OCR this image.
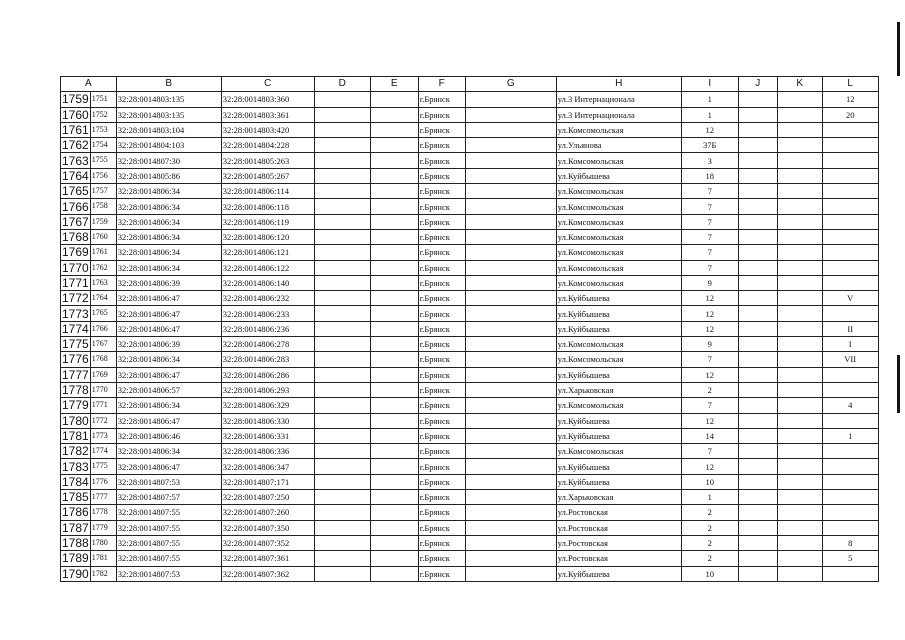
A		B	C	D	E	F	G	H	I	J	K	L
1759	1751	32:28:0014803:135	32:28:0014803:360			г.Брянск		ул.3 Интернационала	1			12
1760	1752	32:28:0014803:135	32:28:0014803:361			г.Брянск		ул.3 Интернационала	1			20
1761	1753	32:28:0014803:104	32:28:0014803:420			г.Брянск		ул.Комсомольская	12			
1762	1754	32:28:0014804:103	32:28:0014804:228			г.Брянск		ул.Ульянова	37Б			
1763	1755	32:28:0014807:30	32:28:0014805:263			г.Брянск		ул.Комсомольская	3			
1764	1756	32:28:0014805:86	32:28:0014805:267			г.Брянск		ул.Куйбышева	18			
1765	1757	32:28:0014806:34	32:28:0014806:114			г.Брянск		ул.Комсомольская	7			
1766	1758	32:28:0014806:34	32:28:0014806:118			г.Брянск		ул.Комсомольская	7			
1767	1759	32:28:0014806:34	32:28:0014806:119			г.Брянск		ул.Комсомольская	7			
1768	1760	32:28:0014806:34	32:28:0014806:120			г.Брянск		ул.Комсомольская	7			
1769	1761	32:28:0014806:34	32:28:0014806:121			г.Брянск		ул.Комсомольская	7			
1770	1762	32:28:0014806:34	32:28:0014806:122			г.Брянск		ул.Комсомольская	7			
1771	1763	32:28:0014806:39	32:28:0014806:140			г.Брянск		ул.Комсомольская	9			
1772	1764	32:28:0014806:47	32:28:0014806:232			г.Брянск		ул.Куйбышева	12			V
1773	1765	32:28:0014806:47	32:28:0014806:233			г.Брянск		ул.Куйбышева	12			
1774	1766	32:28:0014806:47	32:28:0014806:236			г.Брянск		ул.Куйбышева	12			II
1775	1767	32:28:0014806:39	32:28:0014806:278			г.Брянск		ул.Комсомольская	9			I
1776	1768	32:28:0014806:34	32:28:0014806:283			г.Брянск		ул.Комсомольская	7			VII
1777	1769	32:28:0014806:47	32:28:0014806:286			г.Брянск		ул.Куйбышева	12			
1778	1770	32:28:0014806:57	32:28:0014806:293			г.Брянск		ул.Харьковская	2			
1779	1771	32:28:0014806:34	32:28:0014806:329			г.Брянск		ул.Комсомольская	7			4
1780	1772	32:28:0014806:47	32:28:0014806:330			г.Брянск		ул.Куйбышева	12			
1781	1773	32:28:0014806:46	32:28:0014806:331			г.Брянск		ул.Куйбышева	14			1
1782	1774	32:28:0014806:34	32:28:0014806:336			г.Брянск		ул.Комсомольская	7			
1783	1775	32:28:0014806:47	32:28:0014806:347			г.Брянск		ул.Куйбышева	12			
1784	1776	32:28:0014807:53	32:28:0014807:171			г.Брянск		ул.Куйбышева	10			
1785	1777	32:28:0014807:57	32:28:0014807:250			г.Брянск		ул.Харьковская	1			
1786	1778	32:28:0014807:55	32:28:0014807:260			г.Брянск		ул.Ростовская	2			
1787	1779	32:28:0014807:55	32:28:0014807:350			г.Брянск		ул.Ростовская	2			
1788	1780	32:28:0014807:55	32:28:0014807:352			г.Брянск		ул.Ростовская	2			8
1789	1781	32:28:0014807:55	32:28:0014807:361			г.Брянск		ул.Ростовская	2			5
1790	1782	32:28:0014807:53	32:28:0014807:362			г.Брянск		ул.Куйбышева	10			
